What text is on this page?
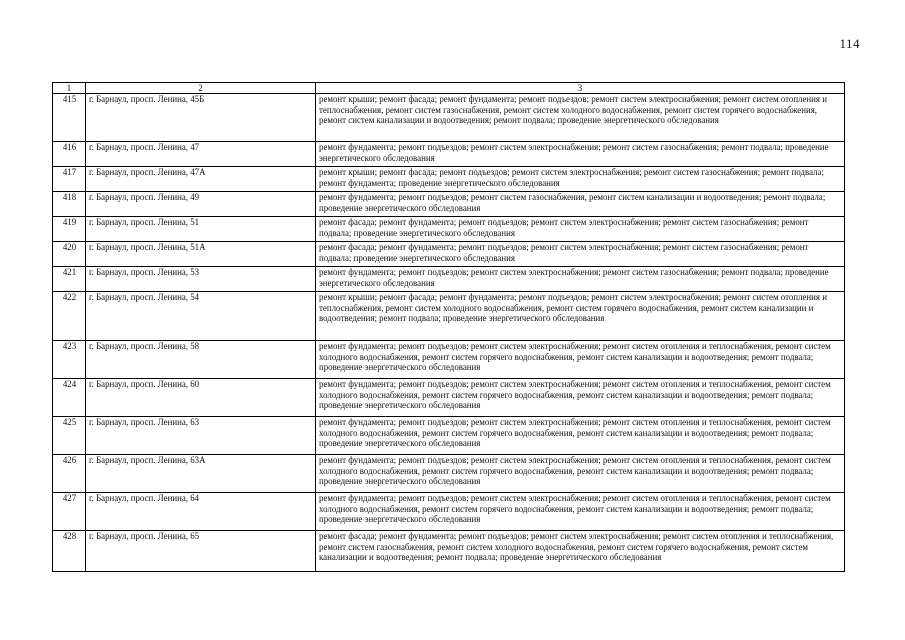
114
1	2	3
415	г. Барнаул, просп. Ленина, 45Б	ремонт крыши; ремонт фасада; ремонт фундамента; ремонт подъездов; ремонт систем электроснабжения; ремонт систем отопления и теплоснабжения, ремонт систем газоснабжения, ремонт систем холодного водоснабжения, ремонт систем горячего водоснабжения, ремонт систем канализации и водоотведения; ремонт подвала; проведение энергетического обследования
416	г. Барнаул, просп. Ленина, 47	ремонт фундамента; ремонт подъездов; ремонт систем электроснабжения; ремонт систем газоснабжения; ремонт подвала; проведение энергетического обследования
417	г. Барнаул, просп. Ленина, 47А	ремонт крыши; ремонт фасада; ремонт подъездов; ремонт систем электроснабжения; ремонт систем газоснабжения; ремонт подвала; ремонт фундамента; проведение энергетического обследования
418	г. Барнаул, просп. Ленина, 49	ремонт фундамента; ремонт подъездов; ремонт систем газоснабжения, ремонт систем канализации и водоотведения; ремонт подвала; проведение энергетического обследования
419	г. Барнаул, просп. Ленина, 51	ремонт фасада; ремонт фундамента; ремонт подъездов; ремонт систем электроснабжения; ремонт систем газоснабжения; ремонт подвала; проведение энергетического обследования
420	г. Барнаул, просп. Ленина, 51А	ремонт фасада; ремонт фундамента; ремонт подъездов; ремонт систем электроснабжения; ремонт систем газоснабжения; ремонт подвала; проведение энергетического обследования
421	г. Барнаул, просп. Ленина, 53	ремонт фундамента; ремонт подъездов; ремонт систем электроснабжения; ремонт систем газоснабжения; ремонт подвала; проведение энергетического обследования
422	г. Барнаул, просп. Ленина, 54	ремонт крыши; ремонт фасада; ремонт фундамента; ремонт подъездов; ремонт систем электроснабжения; ремонт систем отопления и теплоснабжения, ремонт систем холодного водоснабжения, ремонт систем горячего водоснабжения, ремонт систем канализации и водоотведения; ремонт подвала; проведение энергетического обследования
423	г. Барнаул, просп. Ленина, 58	ремонт фундамента; ремонт подъездов; ремонт систем электроснабжения; ремонт систем отопления и теплоснабжения, ремонт систем холодного водоснабжения, ремонт систем горячего водоснабжения, ремонт систем канализации и водоотведения; ремонт подвала; проведение энергетического обследования
424	г. Барнаул, просп. Ленина, 60	ремонт фундамента; ремонт подъездов; ремонт систем электроснабжения; ремонт систем отопления и теплоснабжения, ремонт систем холодного водоснабжения, ремонт систем горячего водоснабжения, ремонт систем канализации и водоотведения; ремонт подвала; проведение энергетического обследования
425	г. Барнаул, просп. Ленина, 63	ремонт фундамента; ремонт подъездов; ремонт систем электроснабжения; ремонт систем отопления и теплоснабжения, ремонт систем холодного водоснабжения, ремонт систем горячего водоснабжения, ремонт систем канализации и водоотведения; ремонт подвала; проведение энергетического обследования
426	г. Барнаул, просп. Ленина, 63А	ремонт фундамента; ремонт подъездов; ремонт систем электроснабжения; ремонт систем отопления и теплоснабжения, ремонт систем холодного водоснабжения, ремонт систем горячего водоснабжения, ремонт систем канализации и водоотведения; ремонт подвала; проведение энергетического обследования
427	г. Барнаул, просп. Ленина, 64	ремонт фундамента; ремонт подъездов; ремонт систем электроснабжения; ремонт систем отопления и теплоснабжения, ремонт систем холодного водоснабжения, ремонт систем горячего водоснабжения, ремонт систем канализации и водоотведения; ремонт подвала; проведение энергетического обследования
428	г. Барнаул, просп. Ленина, 65	ремонт фасада; ремонт фундамента; ремонт подъездов; ремонт систем электроснабжения; ремонт систем отопления и теплоснабжения, ремонт систем газоснабжения, ремонт систем холодного водоснабжения, ремонт систем горячего водоснабжения, ремонт систем канализации и водоотведения; ремонт подвала; проведение энергетического обследования
